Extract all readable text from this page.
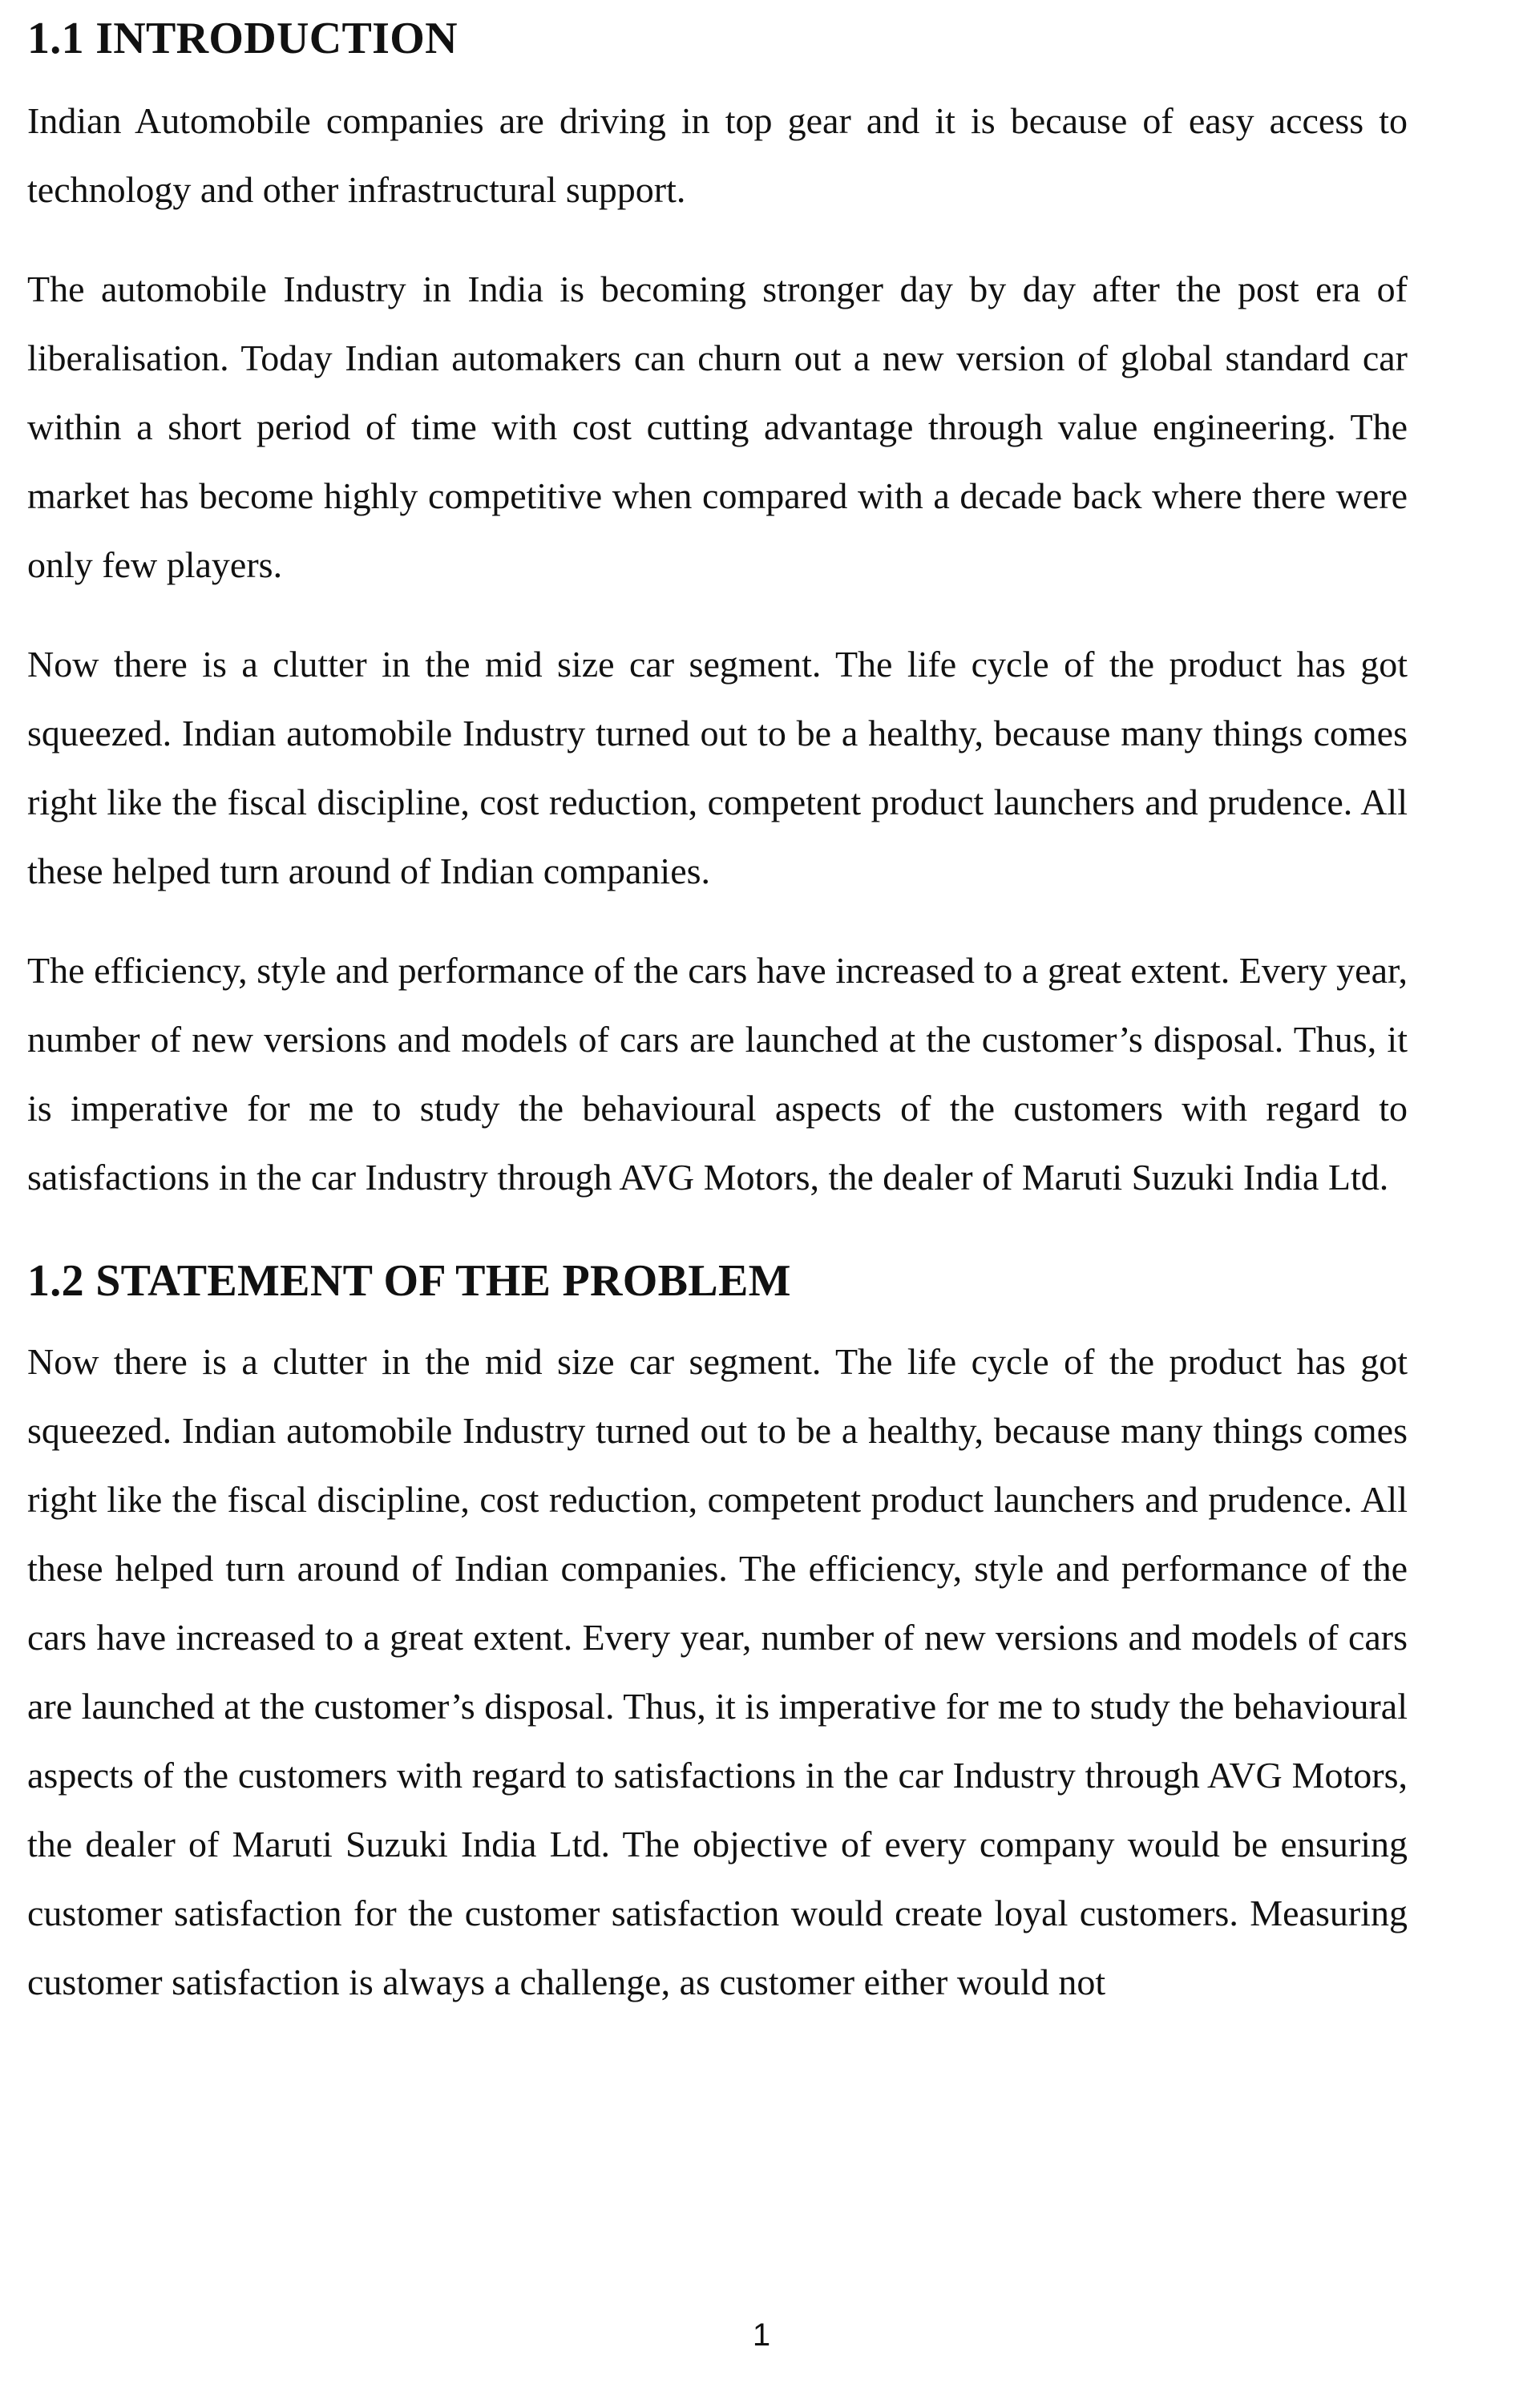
1.1 INTRODUCTION

Indian Automobile companies are driving in top gear and it is because of easy access to technology and other infrastructural support.

The automobile Industry in India is becoming stronger day by day after the post era of liberalisation. Today Indian automakers can churn out a new version of global standard car within a short period of time with cost cutting advantage through value engineering. The market has become highly competitive when compared with a decade back where there were only few players.

Now there is a clutter in the mid size car segment. The life cycle of the product has got squeezed. Indian automobile Industry turned out to be a healthy, because many things comes right like the fiscal discipline, cost reduction, competent product launchers and prudence. All these helped turn around of Indian companies.

The efficiency, style and performance of the cars have increased to a great extent. Every year, number of new versions and models of cars are launched at the customer’s disposal. Thus, it is imperative for me to study the behavioural aspects of the customers with regard to satisfactions in the car Industry through AVG Motors, the dealer of Maruti Suzuki India Ltd.

1.2 STATEMENT OF THE PROBLEM

Now there is a clutter in the mid size car segment. The life cycle of the product has got squeezed. Indian automobile Industry turned out to be a healthy, because many things comes right like the fiscal discipline, cost reduction, competent product launchers and prudence. All these helped turn around of Indian companies. The efficiency, style and performance of the cars have increased to a great extent. Every year, number of new versions and models of cars are launched at the customer’s disposal. Thus, it is imperative for me to study the behavioural aspects of the customers with regard to satisfactions in the car Industry through AVG Motors, the dealer of Maruti Suzuki India Ltd. The objective of every company would be ensuring customer satisfaction for the customer satisfaction would create loyal customers. Measuring customer satisfaction is always a challenge, as customer either would not

1
